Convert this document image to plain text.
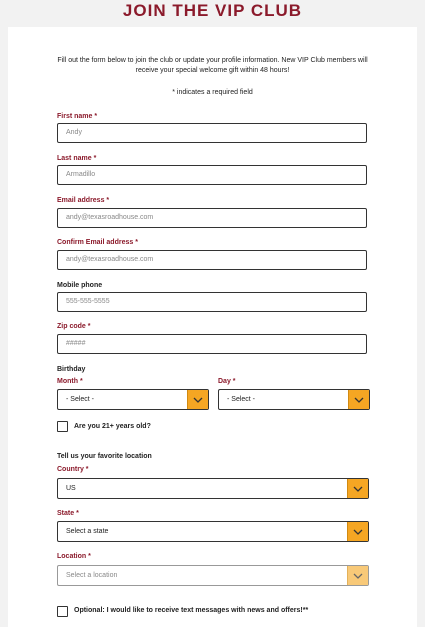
JOIN THE VIP CLUB
Fill out the form below to join the club or update your profile information. New VIP Club members will receive your special welcome gift within 48 hours!
* indicates a required field
First name *
Andy
Last name *
Armadillo
Email address *
andy@texasroadhouse.com
Confirm Email address *
andy@texasroadhouse.com
Mobile phone
555-555-5555
Zip code *
#####
Birthday
Month *	Day *
- Select -	- Select -
Are you 21+ years old?
Tell us your favorite location
Country *
US
State *
Select a state
Location *
Select a location
Optional: I would like to receive text messages with news and offers!**
